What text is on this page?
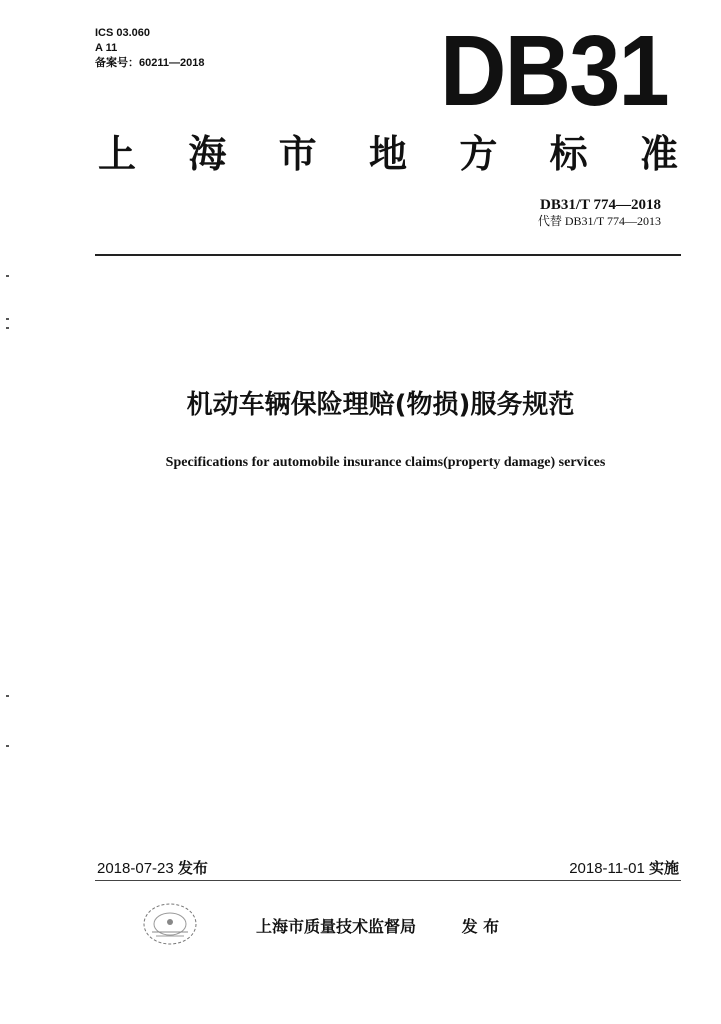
ICS 03.060
A 11
备案号：60211—2018 DB31
上 海 市 地 方 标 准
DB31/T 774—2018
代替 DB31/T 774—2013
机动车辆保险理赔(物损)服务规范
Specifications for automobile insurance claims(property damage) services
2018-07-23 发布	2018-11-01 实施
上海市质量技术监督局	发 布
